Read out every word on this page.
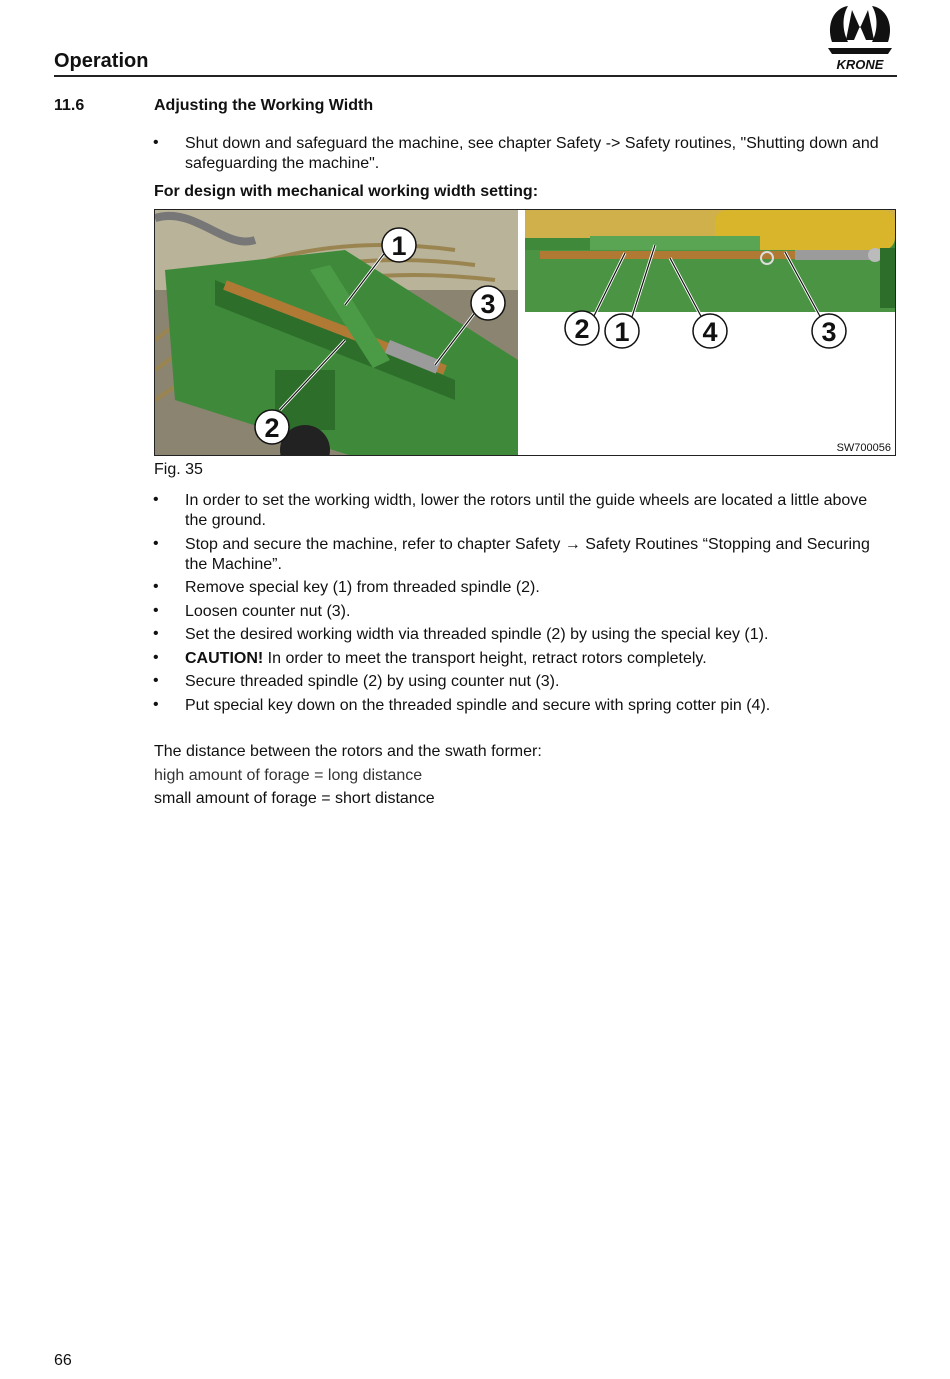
Operation	KRONE
11.6	Adjusting the Working Width
• Shut down and safeguard the machine, see chapter Safety -> Safety routines, "Shutting down and safeguarding the machine".
For design with mechanical working width setting:
1
3
2
2 1	4	3
SW700056
Fig. 35
• In order to set the working width, lower the rotors until the guide wheels are located a little above the ground.
• Stop and secure the machine, refer to chapter Safety → Safety Routines “Stopping and Securing the Machine”.
• Remove special key (1) from threaded spindle (2).
• Loosen counter nut (3).
• Set the desired working width via threaded spindle (2) by using the special key (1).
• CAUTION! In order to meet the transport height, retract rotors completely.
• Secure threaded spindle (2) by using counter nut (3).
• Put special key down on the threaded spindle and secure with spring cotter pin (4).
The distance between the rotors and the swath former:
high amount of forage = long distance
small amount of forage = short distance
66
